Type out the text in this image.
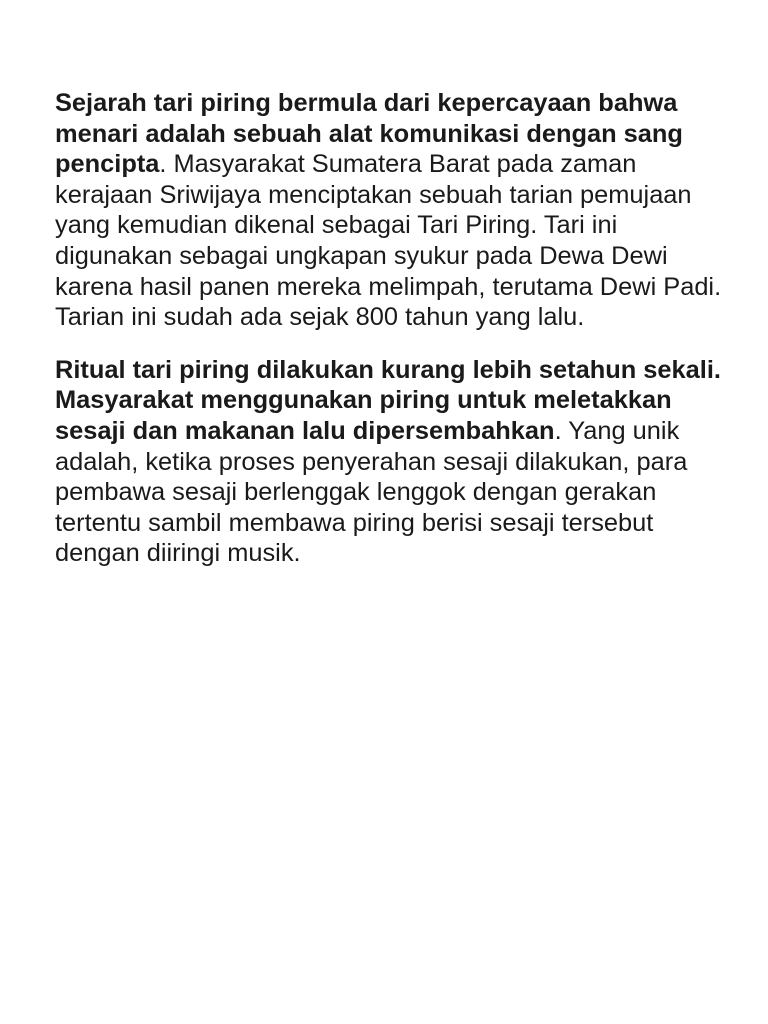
Sejarah tari piring bermula dari kepercayaan bahwa menari adalah sebuah alat komunikasi dengan sang pencipta. Masyarakat Sumatera Barat pada zaman kerajaan Sriwijaya menciptakan sebuah tarian pemujaan yang kemudian dikenal sebagai Tari Piring. Tari ini digunakan sebagai ungkapan syukur pada Dewa Dewi karena hasil panen mereka melimpah, terutama Dewi Padi. Tarian ini sudah ada sejak 800 tahun yang lalu.

Ritual tari piring dilakukan kurang lebih setahun sekali. Masyarakat menggunakan piring untuk meletakkan sesaji dan makanan lalu dipersembahkan. Yang unik adalah, ketika proses penyerahan sesaji dilakukan, para pembawa sesaji berlenggak lenggok dengan gerakan tertentu sambil membawa piring berisi sesaji tersebut dengan diiringi musik.
